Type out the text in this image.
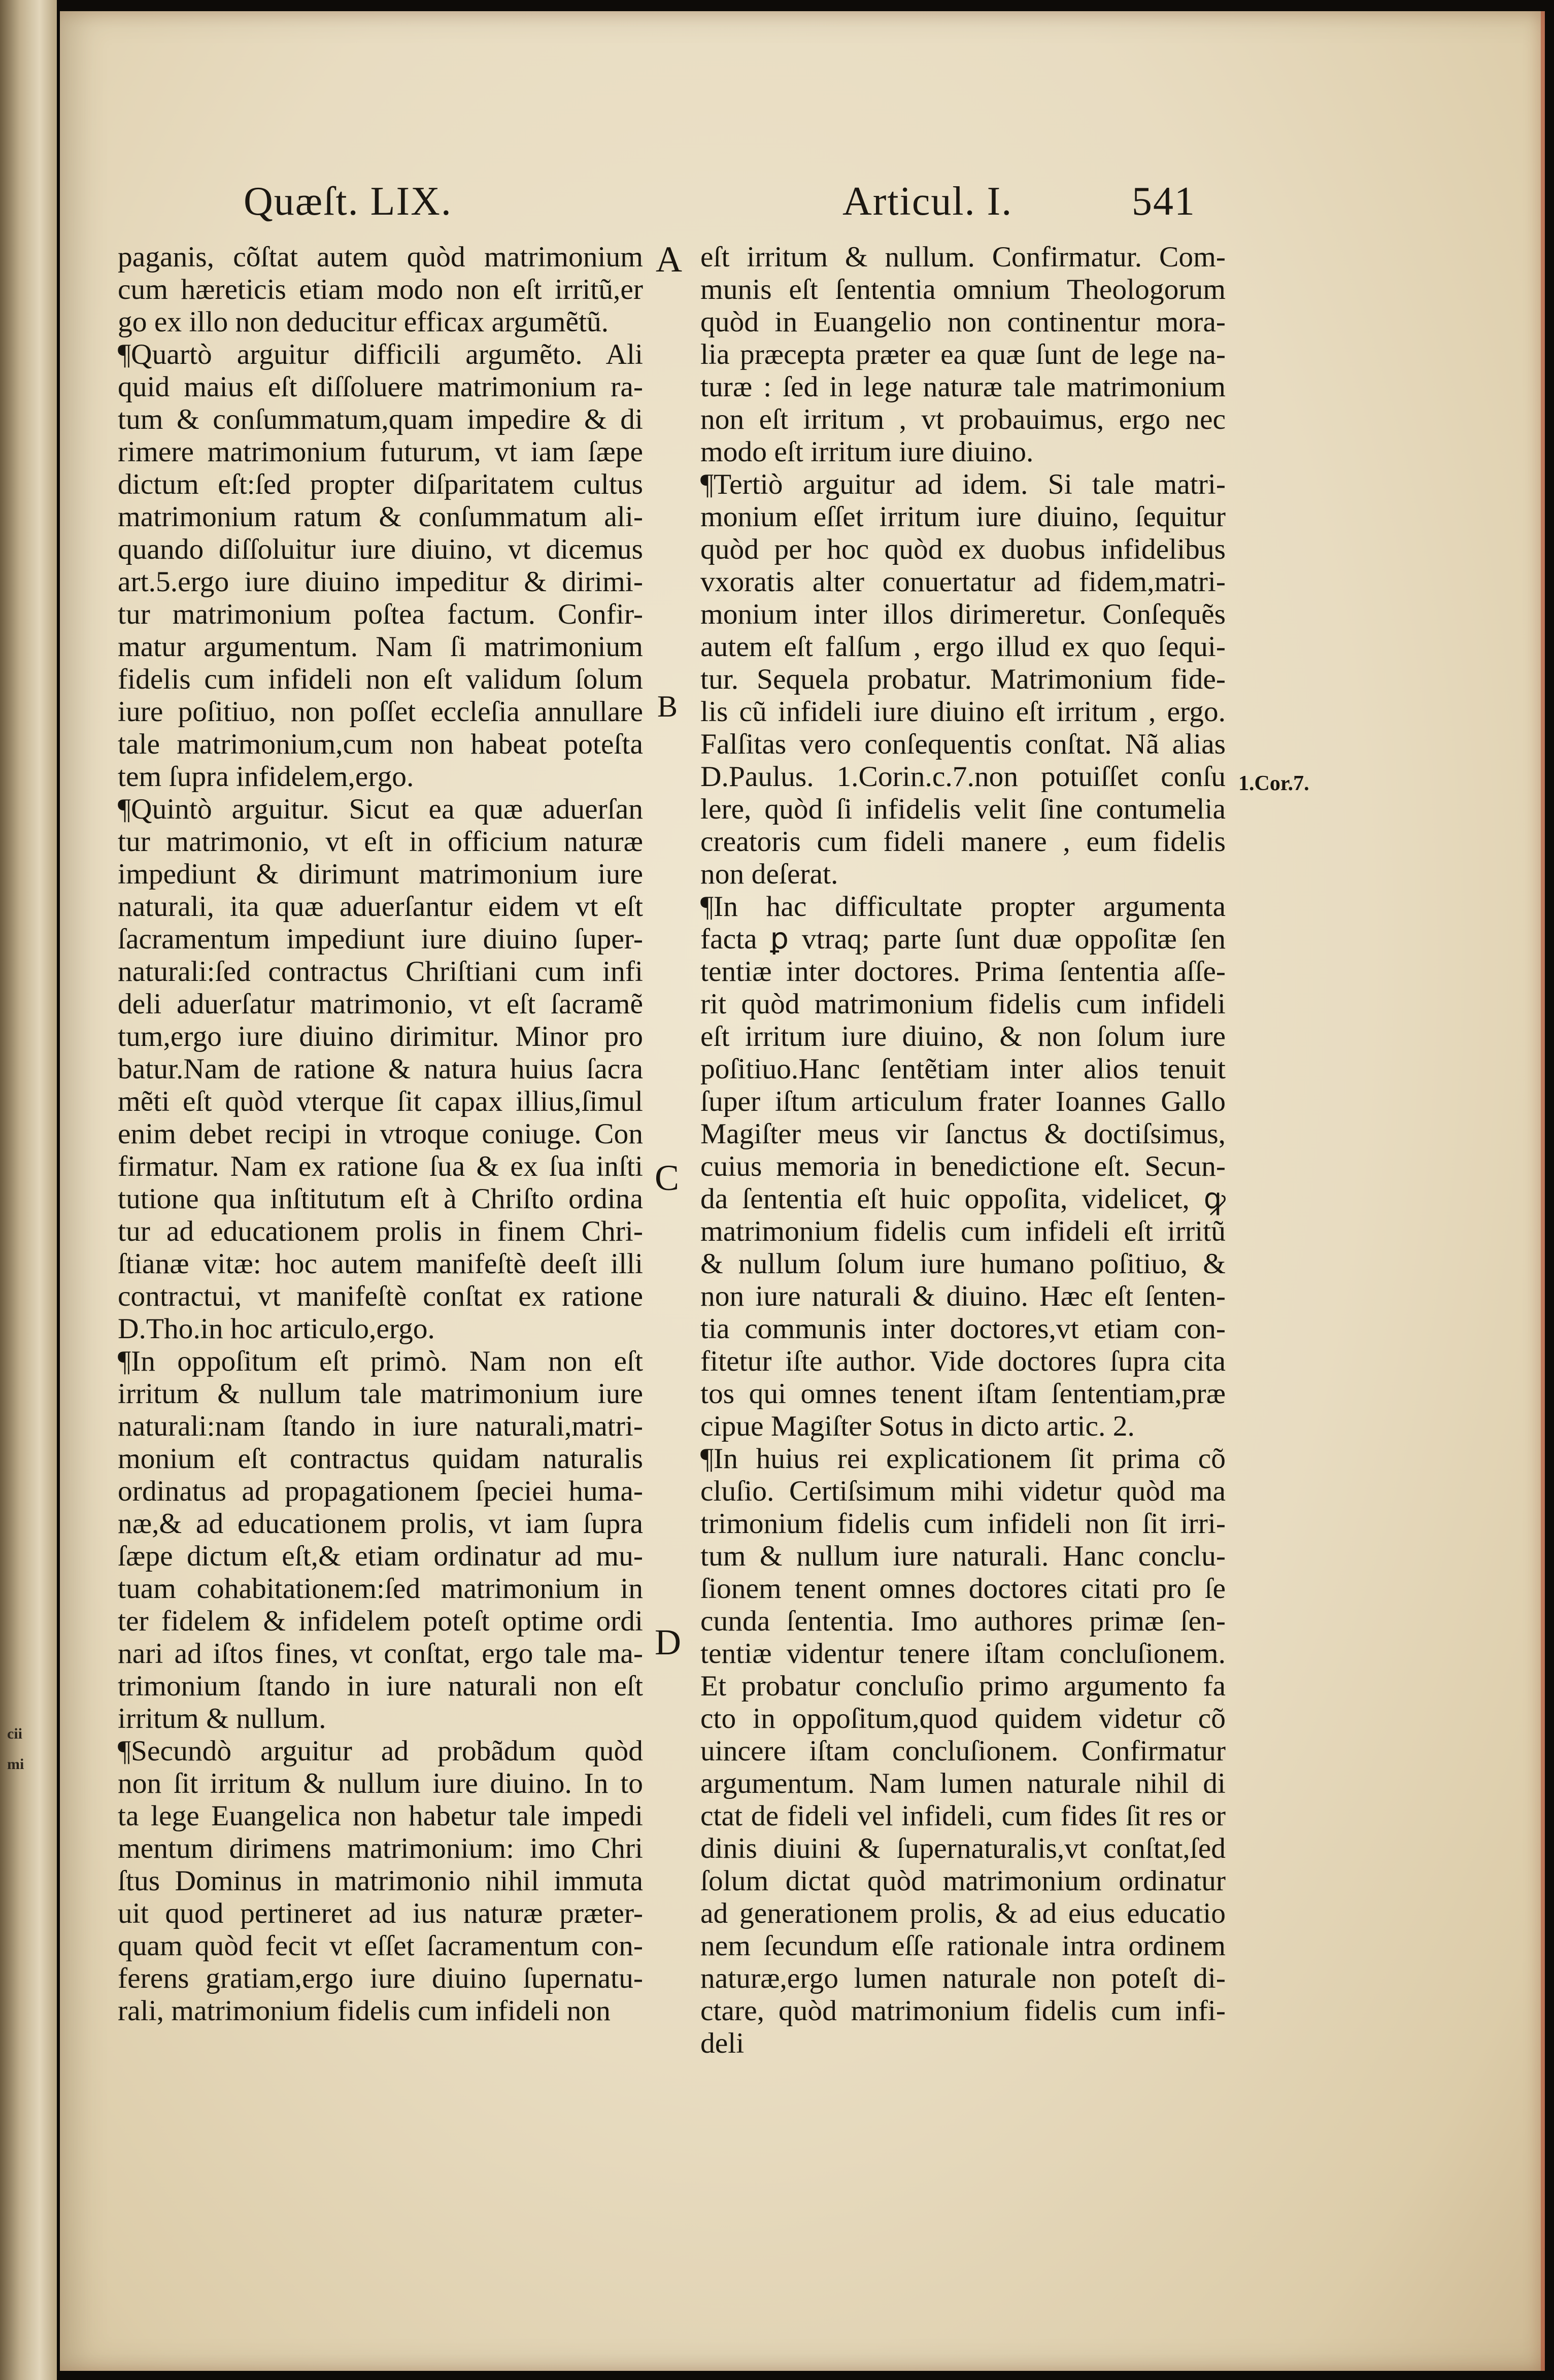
cii
mi
Quæſt. LIX.	Articul. I.	541
paganis, cõſtat autem quòd matrimonium
cum hæreticis etiam modo non eſt irritũ,er
go ex illo non deducitur efficax argumẽtũ.
¶Quartò arguitur difficili argumẽto. Ali
quid maius eſt diſſoluere matrimonium ra-
tum & conſummatum,quam impedire & di
rimere matrimonium futurum, vt iam ſæpe
dictum eſt:ſed propter diſparitatem cultus
matrimonium ratum & conſummatum ali-
quando diſſoluitur iure diuino, vt dicemus
art.5.ergo iure diuino impeditur & dirimi-
tur matrimonium poſtea factum. Confir-
matur argumentum. Nam ſi matrimonium
fidelis cum infideli non eſt validum ſolum
iure poſitiuo, non poſſet eccleſia annullare
tale matrimonium,cum non habeat poteſta
tem ſupra infidelem,ergo.
¶Quintò arguitur. Sicut ea quæ aduerſan
tur matrimonio, vt eſt in officium naturæ
impediunt & dirimunt matrimonium iure
naturali, ita quæ aduerſantur eidem vt eſt
ſacramentum impediunt iure diuino ſuper-
naturali:ſed contractus Chriſtiani cum infi
deli aduerſatur matrimonio, vt eſt ſacramẽ
tum,ergo iure diuino dirimitur. Minor pro
batur.Nam de ratione & natura huius ſacra
mẽti eſt quòd vterque ſit capax illius,ſimul
enim debet recipi in vtroque coniuge. Con
firmatur. Nam ex ratione ſua & ex ſua inſti
tutione qua inſtitutum eſt à Chriſto ordina
tur ad educationem prolis in finem Chri-
ſtianæ vitæ: hoc autem manifeſtè deeſt illi
contractui, vt manifeſtè conſtat ex ratione
D.Tho.in hoc articulo,ergo.
¶In oppoſitum eſt primò. Nam non eſt
irritum & nullum tale matrimonium iure
naturali:nam ſtando in iure naturali,matri-
monium eſt contractus quidam naturalis
ordinatus ad propagationem ſpeciei huma-
næ,& ad educationem prolis, vt iam ſupra
ſæpe dictum eſt,& etiam ordinatur ad mu-
tuam cohabitationem:ſed matrimonium in
ter fidelem & infidelem poteſt optime ordi
nari ad iſtos fines, vt conſtat, ergo tale ma-
trimonium ſtando in iure naturali non eſt
irritum & nullum.
¶Secundò arguitur ad probãdum quòd
non ſit irritum & nullum iure diuino. In to
ta lege Euangelica non habetur tale impedi
mentum dirimens matrimonium: imo Chri
ſtus Dominus in matrimonio nihil immuta
uit quod pertineret ad ius naturæ præter-
quam quòd fecit vt eſſet ſacramentum con-
ferens gratiam,ergo iure diuino ſupernatu-
rali, matrimonium fidelis cum infideli non
eſt irritum & nullum. Confirmatur. Com-
munis eſt ſententia omnium Theologorum
quòd in Euangelio non continentur mora-
lia præcepta præter ea quæ ſunt de lege na-
turæ : ſed in lege naturæ tale matrimonium
non eſt irritum , vt probauimus, ergo nec
modo eſt irritum iure diuino.
¶Tertiò arguitur ad idem. Si tale matri-
monium eſſet irritum iure diuino, ſequitur
quòd per hoc quòd ex duobus infidelibus
vxoratis alter conuertatur ad fidem,matri-
monium inter illos dirimeretur. Conſequẽs
autem eſt falſum , ergo illud ex quo ſequi-
tur. Sequela probatur. Matrimonium fide-
lis cũ infideli iure diuino eſt irritum , ergo.
Falſitas vero conſequentis conſtat. Nã alias
D.Paulus. 1.Corin.c.7.non potuiſſet conſu
lere, quòd ſi infidelis velit ſine contumelia
creatoris cum fideli manere , eum fidelis
non deſerat.
¶In hac difficultate propter argumenta
facta ꝑ vtraq; parte ſunt duæ oppoſitæ ſen
tentiæ inter doctores. Prima ſententia aſſe-
rit quòd matrimonium fidelis cum infideli
eſt irritum iure diuino, & non ſolum iure
poſitiuo.Hanc ſentẽtiam inter alios tenuit
ſuper iſtum articulum frater Ioannes Gallo
Magiſter meus vir ſanctus & doctiſsimus,
cuius memoria in benedictione eſt. Secun-
da ſententia eſt huic oppoſita, videlicet, ꝙ
matrimonium fidelis cum infideli eſt irritũ
& nullum ſolum iure humano poſitiuo, &
non iure naturali & diuino. Hæc eſt ſenten-
tia communis inter doctores,vt etiam con-
fitetur iſte author. Vide doctores ſupra cita
tos qui omnes tenent iſtam ſententiam,præ
cipue Magiſter Sotus in dicto artic. 2.
¶In huius rei explicationem ſit prima cõ
cluſio. Certiſsimum mihi videtur quòd ma
trimonium fidelis cum infideli non ſit irri-
tum & nullum iure naturali. Hanc conclu-
ſionem tenent omnes doctores citati pro ſe
cunda ſententia. Imo authores primæ ſen-
tentiæ videntur tenere iſtam concluſionem.
Et probatur concluſio primo argumento fa
cto in oppoſitum,quod quidem videtur cõ
uincere iſtam concluſionem. Confirmatur
argumentum. Nam lumen naturale nihil di
ctat de fideli vel infideli, cum fides ſit res or
dinis diuini & ſupernaturalis,vt conſtat,ſed
ſolum dictat quòd matrimonium ordinatur
ad generationem prolis, & ad eius educatio
nem ſecundum eſſe rationale intra ordinem
naturæ,ergo lumen naturale non poteſt di-
ctare, quòd matrimonium fidelis cum infi-
deli
A
B
C
D
1.Cor.7.
